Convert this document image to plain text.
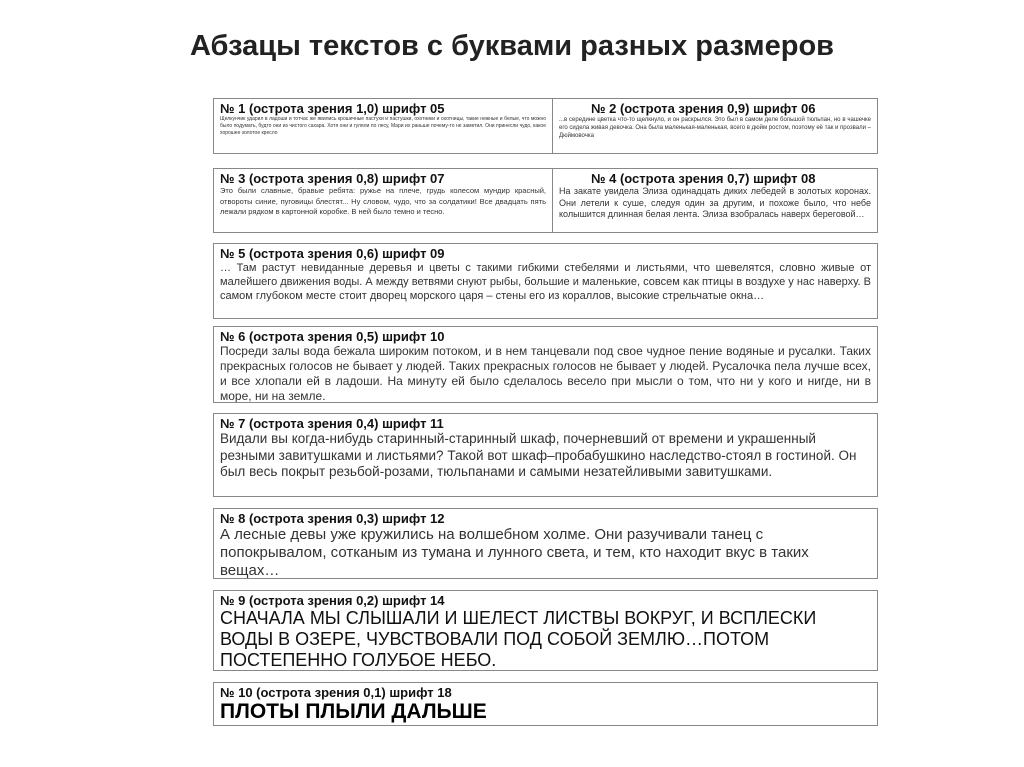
Абзацы текстов с буквами разных размеров
№ 1 (острота зрения 1,0) шрифт 05
Щелкунчик ударил в ладоши и тотчас же явились крошечные пастухи и пастушки, охотники и охотницы, такие нежные и белые, что можно было подумать, будто они из чистого сахара. Хотя они и гуляли по лесу, Мари их раньше почему-то не заметил. Они принесли чудо, какое хорошее золотое кресло
№ 2 (острота зрения 0,9) шрифт 06
...в середине цветка что-то щелкнуло, и он раскрылся. Это был в самом деле большой тюльпан, но в чашечке его сидела живая девочка. Она была маленькая-маленькая, всего в дюйм ростом, поэтому её так и прозвали – Дюймовочка
№ 3 (острота зрения 0,8) шрифт 07
Это были славные, бравые ребята: ружье на плече, грудь колесом мундир красный, отвороты синие, пуговицы блестят... Ну словом, чудо, что за солдатики! Все двадцать пять лежали рядком в картонной коробке. В ней было темно и тесно.
№ 4 (острота зрения 0,7) шрифт 08
На закате увидела Элиза одинадцать диких лебедей в золотых коронах. Они летели к суше, следуя один за другим, и похоже было, что небе колышится длинная белая лента. Элиза взобралась наверх береговой…
№ 5 (острота зрения 0,6) шрифт 09
… Там растут невиданные деревья и цветы с такими гибкими стебелями и листьями, что шевелятся, словно живые от малейшего движения воды. А между ветвями снуют рыбы, большие и маленькие, совсем как птицы в воздухе у нас наверху. В самом глубоком месте стоит дворец морского царя – стены его из кораллов, высокие стрельчатые окна…
№ 6 (острота зрения 0,5) шрифт 10
Посреди залы вода бежала широким потоком, и в нем танцевали под свое чудное пение водяные и русалки. Таких прекрасных голосов не бывает у людей. Таких прекрасных голосов не бывает у людей. Русалочка пела лучше всех, и все хлопали ей в ладоши. На минуту ей было сделалось весело при мысли о том, что ни у кого и нигде, ни в море, ни на земле.
№ 7 (острота зрения 0,4) шрифт 11
Видали вы когда-нибудь старинный-старинный шкаф, почерневший от времени и украшенный резными завитушками и листьями? Такой вот шкаф–пробабушкино наследство-стоял в гостиной. Он был весь покрыт резьбой-розами, тюльпанами и самыми незатейливыми завитушками.
№ 8 (острота зрения 0,3) шрифт 12
А лесные девы уже кружились на волшебном холме. Они разучивали танец с попокрывалом, сотканым из тумана и лунного света, и тем, кто находит вкус в таких вещах…
№ 9 (острота зрения 0,2) шрифт 14
СНАЧАЛА МЫ СЛЫШАЛИ И ШЕЛЕСТ ЛИСТВЫ ВОКРУГ, И ВСПЛЕСКИ ВОДЫ В ОЗЕРЕ, ЧУВСТВОВАЛИ ПОД СОБОЙ ЗЕМЛЮ…ПОТОМ ПОСТЕПЕННО ГОЛУБОЕ НЕБО.
№ 10 (острота зрения 0,1) шрифт 18
ПЛОТЫ ПЛЫЛИ ДАЛЬШЕ
